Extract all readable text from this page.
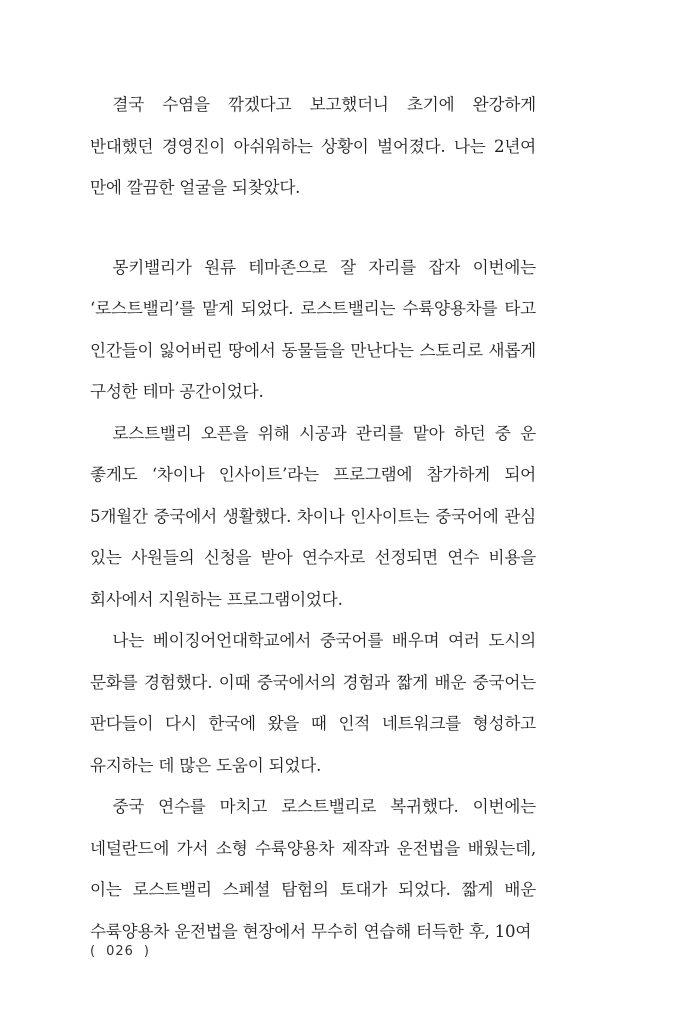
결국 수염을 깎겠다고 보고했더니 초기에 완강하게 반대했던 경영진이 아쉬워하는 상황이 벌어졌다. 나는 2년여 만에 깔끔한 얼굴을 되찾았다.

몽키밸리가 원류 테마존으로 잘 자리를 잡자 이번에는 ‘로스트밸리’를 맡게 되었다. 로스트밸리는 수륙양용차를 타고 인간들이 잃어버린 땅에서 동물들을 만난다는 스토리로 새롭게 구성한 테마 공간이었다.

로스트밸리 오픈을 위해 시공과 관리를 맡아 하던 중 운 좋게도 ‘차이나 인사이트’라는 프로그램에 참가하게 되어 5개월간 중국에서 생활했다. 차이나 인사이트는 중국어에 관심 있는 사원들의 신청을 받아 연수자로 선정되면 연수 비용을 회사에서 지원하는 프로그램이었다.

나는 베이징어언대학교에서 중국어를 배우며 여러 도시의 문화를 경험했다. 이때 중국에서의 경험과 짧게 배운 중국어는 판다들이 다시 한국에 왔을 때 인적 네트워크를 형성하고 유지하는 데 많은 도움이 되었다.

중국 연수를 마치고 로스트밸리로 복귀했다. 이번에는 네덜란드에 가서 소형 수륙양용차 제작과 운전법을 배웠는데, 이는 로스트밸리 스페셜 탐험의 토대가 되었다. 짧게 배운 수륙양용차 운전법을 현장에서 무수히 연습해 터득한 후, 10여

( 026 )
